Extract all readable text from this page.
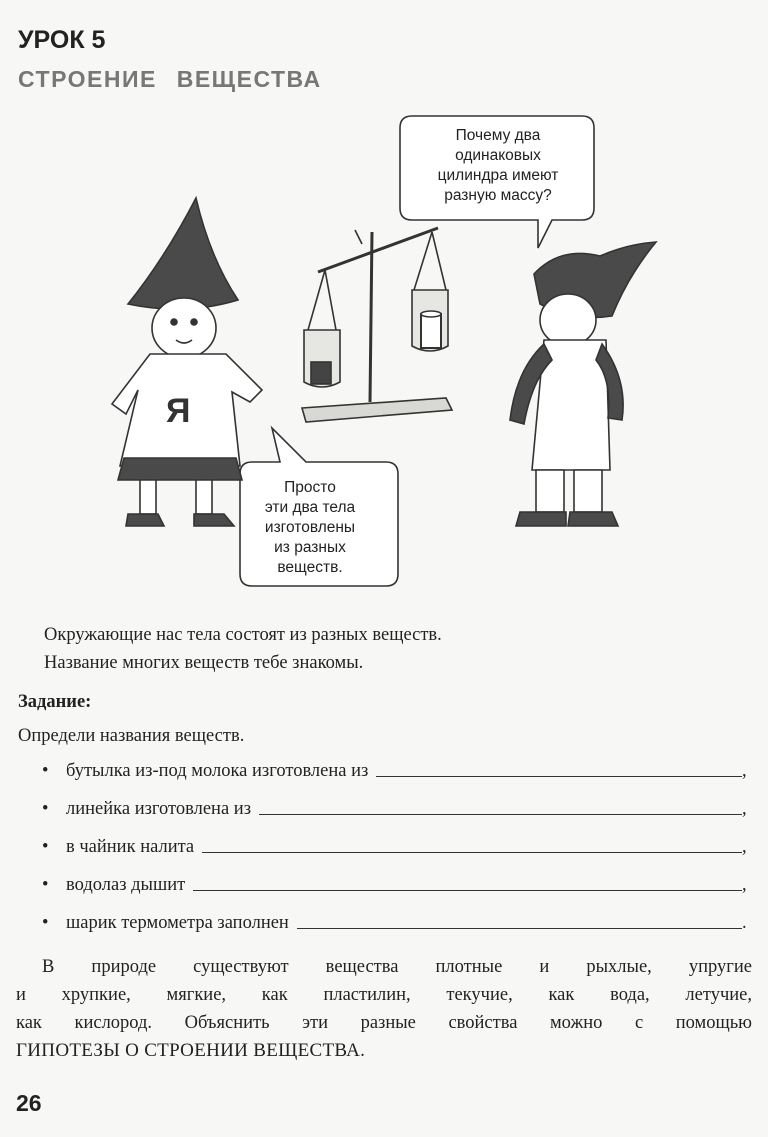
УРОК 5
СТРОЕНИЕ ВЕЩЕСТВА
Я
Почему два
одинаковых
цилиндра имеют
разную массу?
Просто
эти два тела
изготовлены
из разных
веществ.
Окружающие нас тела состоят из разных веществ.
Название многих веществ тебе знакомы.
Задание:
Определи названия веществ.
• бутылка из-под молока изготовлена из	,
• линейка изготовлена из	,
• в чайник налита	,
• водолаз дышит	,
• шарик термометра заполнен	.
В природе существуют вещества плотные и рыхлые, упругие
и хрупкие, мягкие, как пластилин, текучие, как вода, летучие,
как кислород. Объяснить эти разные свойства можно с помощью
ГИПОТЕЗЫ О СТРОЕНИИ ВЕЩЕСТВА.
26
